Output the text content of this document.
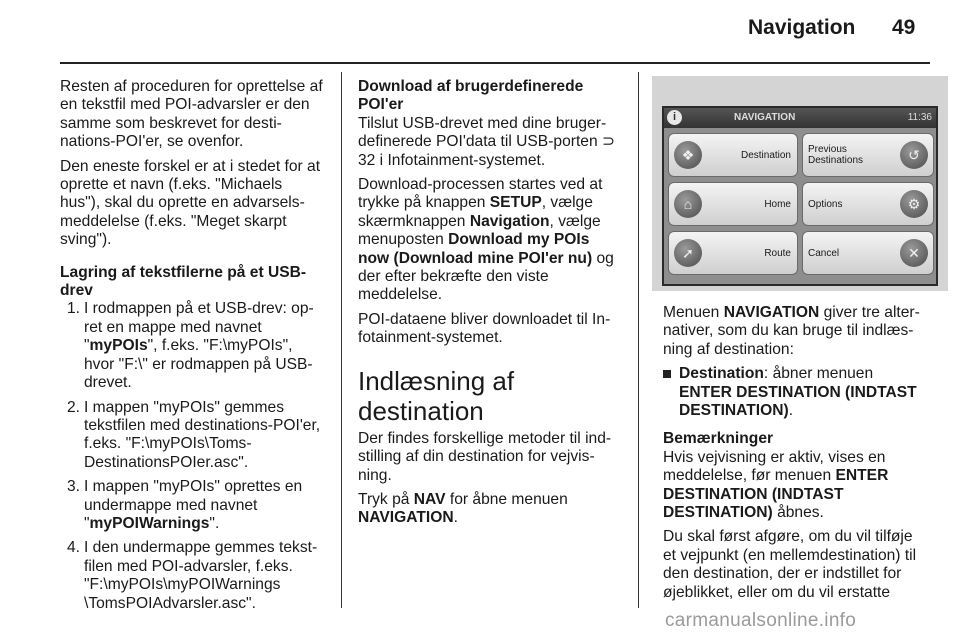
Navigation 49

Resten af proceduren for oprettelse af en tekstfil med POI-advarsler er den samme som beskrevet for desti nations-POI'er, se ovenfor.

Den eneste forskel er at i stedet for at oprette et navn (f.eks. "Michaels hus"), skal du oprette en advarsels meddelelse (f.eks. "Meget skarpt sving").

Lagring af tekstfilerne på et USB-drev
1. I rodmappen på et USB-drev: op ret en mappe med navnet "myPOIs", f.eks. "F:\myPOIs", hvor "F:\" er rodmappen på USB-drevet.
2. I mappen "myPOIs" gemmes tekstfilen med destinations-POI'er, f.eks. "F:\myPOIs\Toms-DestinationsPOIer.asc".
3. I mappen "myPOIs" oprettes en undermappe med navnet "myPOIWarnings".
4. I den undermappe gemmes tekst filen med POI-advarsler, f.eks. "F:\myPOIs\myPOIWarnings \TomsPOIAdvarsler.asc".
Download af brugerdefinerede POI'er

Tilslut USB-drevet med dine bruger definerede POI'data til USB-porten ⊃ 32 i Infotainment-systemet.

Download-processen startes ved at trykke på knappen SETUP, vælge skærmknappen Navigation, vælge menuposten Download my POIs now (Download mine POI'er nu) og der efter bekræfte den viste meddelelse.

POI-dataene bliver downloadet til In fotainment-systemet.

Indlæsning af destination

Der findes forskellige metoder til ind stilling af din destination for vejvis ning.

Tryk på NAV for åbne menuen NAVIGATION.

i	NAVIGATION	11:36
❖	Destination
Previous Destinations	↺
⌂	Home Options	⚙
➚	Route Cancel	✕

Menuen NAVIGATION giver tre alter nativer, som du kan bruge til indlæs ning af destination:

Destination: åbner menuen ENTER DESTINATION (INDTAST DESTINATION).
Bemærkninger

Hvis vejvisning er aktiv, vises en meddelelse, før menuen ENTER DESTINATION (INDTAST DESTINATION) åbnes.

Du skal først afgøre, om du vil tilføje et vejpunkt (en mellemdestination) til den destination, der er indstillet for øjeblikket, eller om du vil erstatte

carmanualsonline.info
